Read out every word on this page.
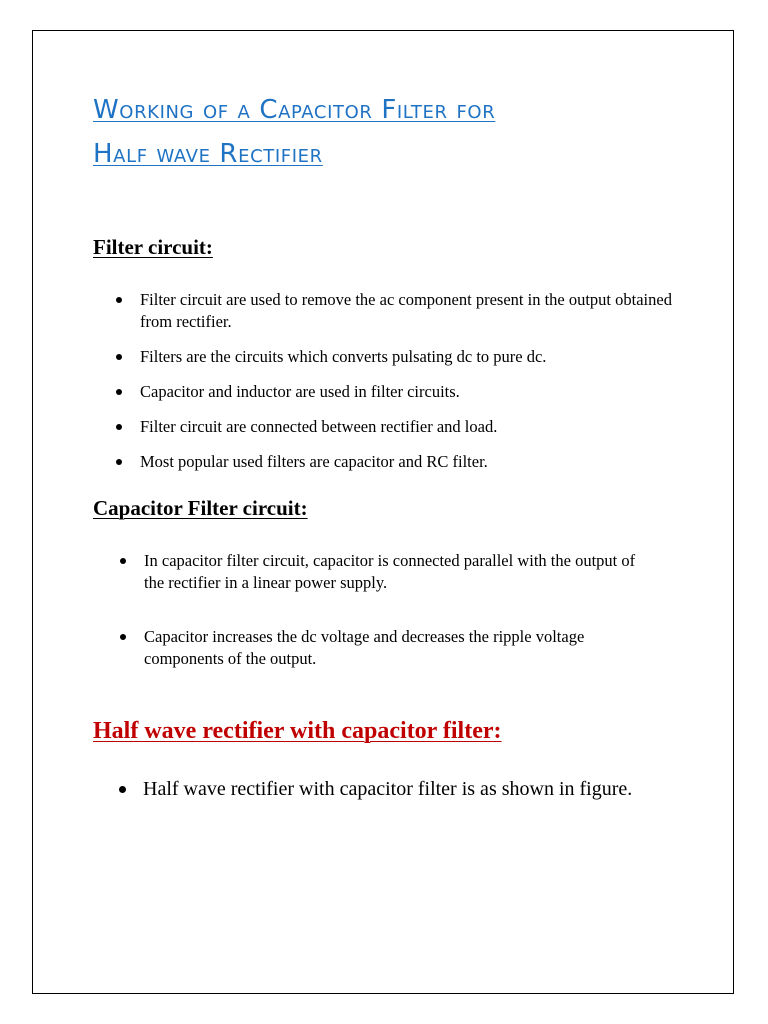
Working of a Capacitor Filter for
Half wave Rectifier
Filter circuit:
Filter circuit are used to remove the ac component present in the output obtained from rectifier.
Filters are the circuits which converts pulsating dc to pure dc.
Capacitor and inductor are used in filter circuits.
Filter circuit are connected between rectifier and load.
Most popular used filters are capacitor and RC filter.
Capacitor Filter circuit:
In capacitor filter circuit, capacitor is connected parallel with the output of the rectifier in a linear power supply.
Capacitor increases the dc voltage and decreases the ripple voltage components of the output.
Half wave rectifier with capacitor filter:
Half wave rectifier with capacitor filter is as shown in figure.
